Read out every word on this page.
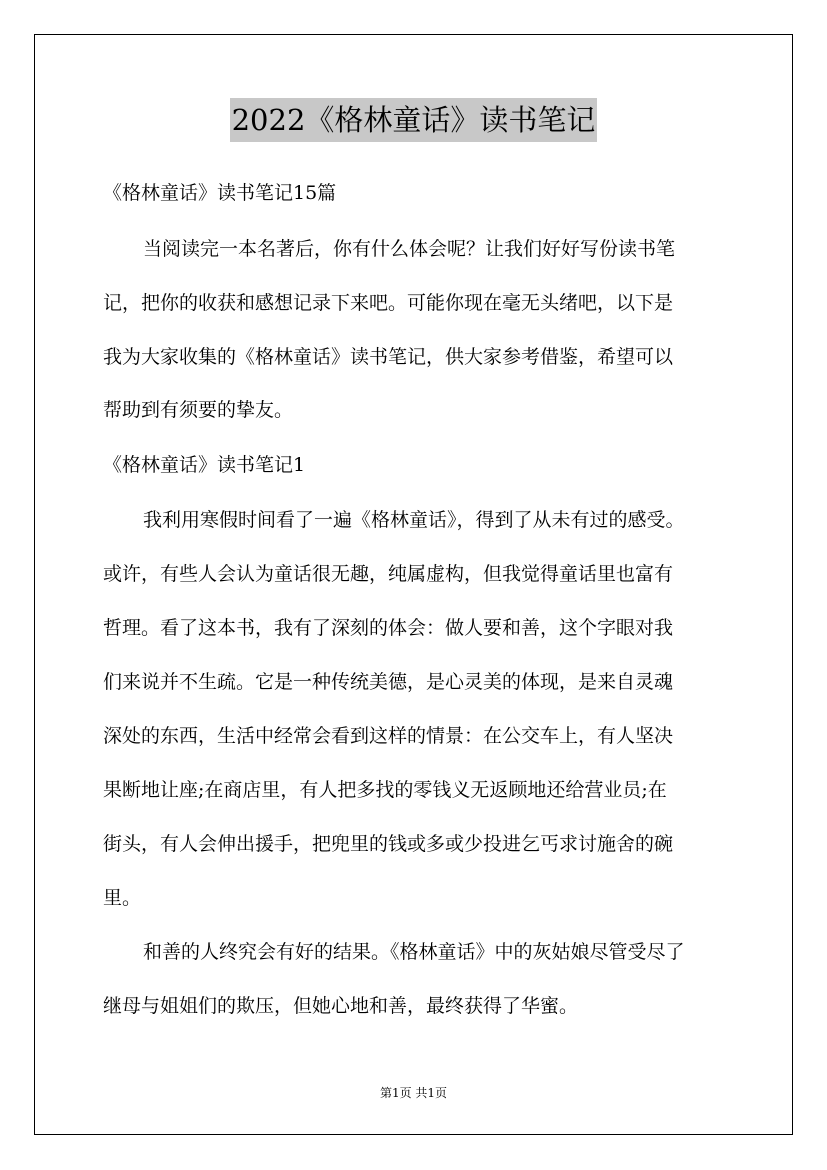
2022《格林童话》读书笔记
《格林童话》读书笔记15篇
当阅读完一本名著后，你有什么体会呢？让我们好好写份读书笔
记，把你的收获和感想记录下来吧。可能你现在毫无头绪吧，以下是
我为大家收集的《格林童话》读书笔记，供大家参考借鉴，希望可以
帮助到有须要的挚友。
《格林童话》读书笔记1
我利用寒假时间看了一遍《格林童话》，得到了从未有过的感受。
或许，有些人会认为童话很无趣，纯属虚构，但我觉得童话里也富有
哲理。看了这本书，我有了深刻的体会：做人要和善，这个字眼对我
们来说并不生疏。它是一种传统美德，是心灵美的体现，是来自灵魂
深处的东西，生活中经常会看到这样的情景：在公交车上，有人坚决
果断地让座;在商店里，有人把多找的零钱义无返顾地还给营业员;在
街头，有人会伸出援手，把兜里的钱或多或少投进乞丐求讨施舍的碗
里。
和善的人终究会有好的结果。《格林童话》中的灰姑娘尽管受尽了
继母与姐姐们的欺压，但她心地和善，最终获得了华蜜。
第1页 共1页
